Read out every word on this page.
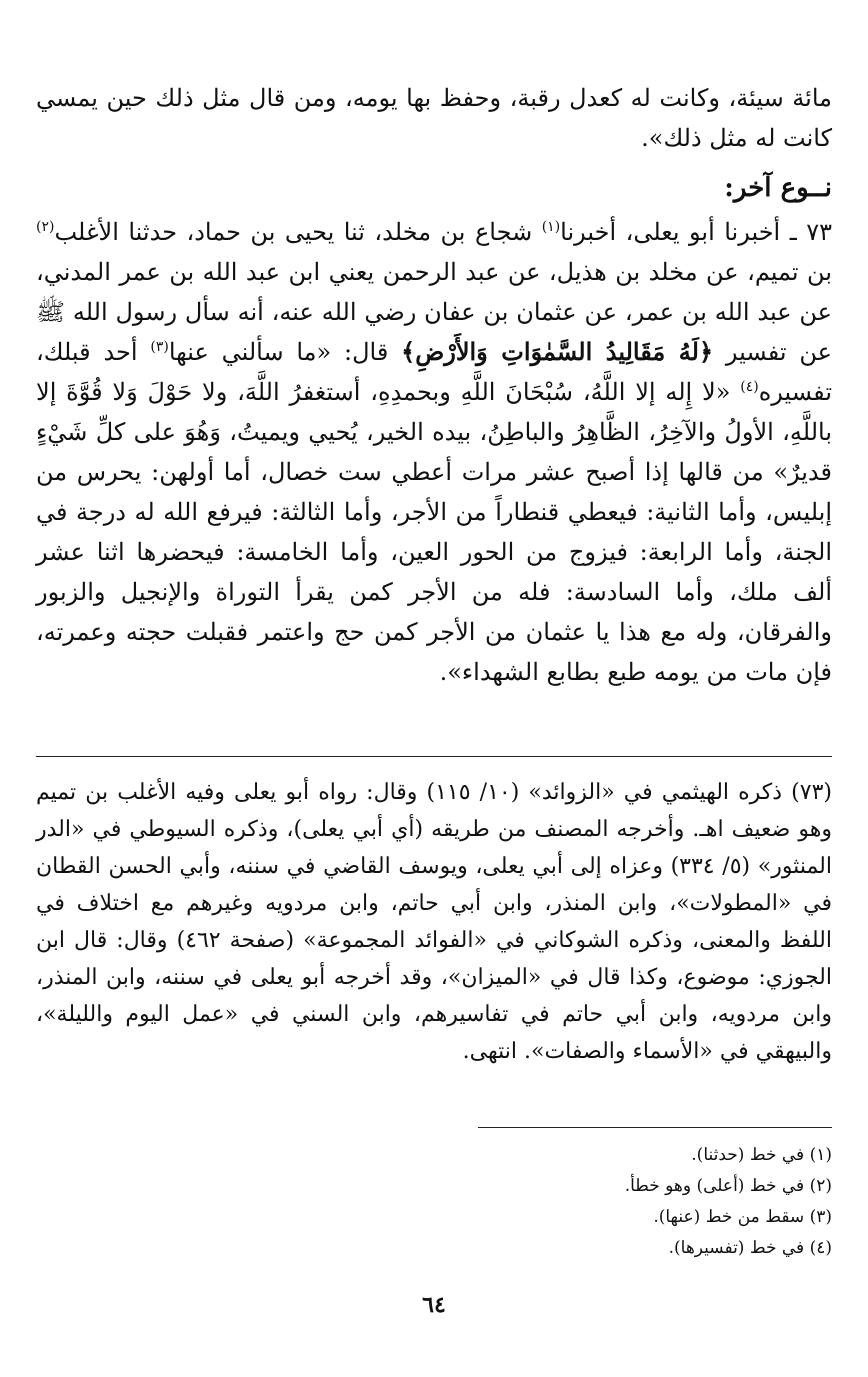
مائة سيئة، وكانت له كعدل رقبة، وحفظ بها يومه، ومن قال مثل ذلك حين يمسي كانت له مثل ذلك».

نــوع آخر:

٧٣ ـ أخبرنا أبو يعلى، أخبرنا$^{(١)}$ شجاع بن مخلد، ثنا يحيى بن حماد، حدثنا الأغلب$^{(٢)}$ بن تميم، عن مخلد بن هذيل، عن عبد الرحمن يعني ابن عبد الله بن عمر المدني، عن عبد الله بن عمر، عن عثمان بن عفان رضي الله عنه، أنه سأل رسول الله ﷺ عن تفسير ﴿لَهُ مَقَالِيدُ السَّمٰوَاتِ وَالأَرْضِ﴾ قال: «ما سألني عنها$^{(٣)}$ أحد قبلك، تفسيره$^{(٤)}$ «لا إِله إلا اللَّهُ، سُبْحَانَ اللَّهِ وبحمدِهِ، أستغفرُ اللَّهَ، ولا حَوْلَ وَلا قُوَّةَ إلا باللَّهِ، الأولُ والآخِرُ، الظَّاهِرُ والباطِنُ، بيده الخير، يُحيي ويميتُ، وَهُوَ على كلِّ شَيْءٍ قديرٌ» من قالها إذا أصبح عشر مرات أعطي ست خصال، أما أولهن: يحرس من إبليس، وأما الثانية: فيعطي قنطاراً من الأجر، وأما الثالثة: فيرفع الله له درجة في الجنة، وأما الرابعة: فيزوج من الحور العين، وأما الخامسة: فيحضرها اثنا عشر ألف ملك، وأما السادسة: فله من الأجر كمن يقرأ التوراة والإنجيل والزبور والفرقان، وله مع هذا يا عثمان من الأجر كمن حج واعتمر فقبلت حجته وعمرته، فإن مات من يومه طبع بطابع الشهداء».

(٧٣) ذكره الهيثمي في «الزوائد» (١٠/ ١١٥) وقال: رواه أبو يعلى وفيه الأغلب بن تميم وهو ضعيف اهـ. وأخرجه المصنف من طريقه (أي أبي يعلى)، وذكره السيوطي في «الدر المنثور» (٥/ ٣٣٤) وعزاه إلى أبي يعلى، ويوسف القاضي في سننه، وأبي الحسن القطان في «المطولات»، وابن المنذر، وابن أبي حاتم، وابن مردويه وغيرهم مع اختلاف في اللفظ والمعنى، وذكره الشوكاني في «الفوائد المجموعة» (صفحة ٤٦٢) وقال: قال ابن الجوزي: موضوع، وكذا قال في «الميزان»، وقد أخرجه أبو يعلى في سننه، وابن المنذر، وابن مردويه، وابن أبي حاتم في تفاسيرهم، وابن السني في «عمل اليوم والليلة»، والبيهقي في «الأسماء والصفات». انتهى.

(١) في خط (حدثنا).

(٢) في خط (أعلى) وهو خطأ.

(٣) سقط من خط (عنها).

(٤) في خط (تفسيرها).

٦٤
